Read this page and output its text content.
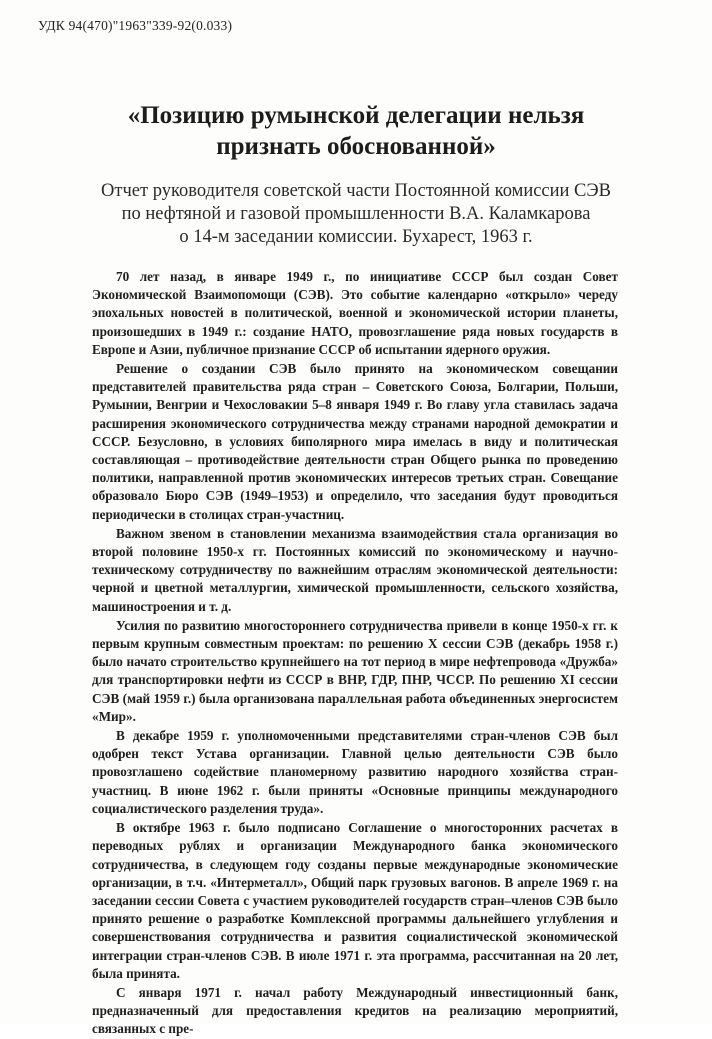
УДК 94(470)"1963"339-92(0.033)
«Позицию румынской делегации нельзя
признать обоснованной»
Отчет руководителя советской части Постоянной комиссии СЭВ
по нефтяной и газовой промышленности В.А. Каламкарова
о 14-м заседании комиссии. Бухарест, 1963 г.

70 лет назад, в январе 1949 г., по инициативе СССР был создан Совет Экономической Взаимопомощи (СЭВ). Это событие календарно «открыло» череду эпохальных новостей в политической, военной и экономической истории планеты, произошедших в 1949 г.: создание НАТО, провозглашение ряда новых государств в Европе и Азии, публичное признание СССР об испытании ядерного оружия.

Решение о создании СЭВ было принято на экономическом совещании представителей правительства ряда стран – Советского Союза, Болгарии, Польши, Румынии, Венгрии и Чехословакии 5–8 января 1949 г. Во главу угла ставилась задача расширения экономического сотрудничества между странами народной демократии и СССР. Безусловно, в условиях биполярного мира имелась в виду и политическая составляющая – противодействие деятельности стран Общего рынка по проведению политики, направленной против экономических интересов третьих стран. Совещание образовало Бюро СЭВ (1949–1953) и определило, что заседания будут проводиться периодически в столицах стран-участниц.

Важном звеном в становлении механизма взаимодействия стала организация во второй половине 1950-х гг. Постоянных комиссий по экономическому и научно-техническому сотрудничеству по важнейшим отраслям экономической деятельности: черной и цветной металлургии, химической промышленности, сельского хозяйства, машиностроения и т. д.

Усилия по развитию многостороннего сотрудничества привели в конце 1950-х гг. к первым крупным совместным проектам: по решению X сессии СЭВ (декабрь 1958 г.) было начато строительство крупнейшего на тот период в мире нефтепровода «Дружба» для транспортировки нефти из СССР в ВНР, ГДР, ПНР, ЧССР. По решению XI сессии СЭВ (май 1959 г.) была организована параллельная работа объединенных энергосистем «Мир».

В декабре 1959 г. уполномоченными представителями стран-членов СЭВ был одобрен текст Устава организации. Главной целью деятельности СЭВ было провозглашено содействие планомерному развитию народного хозяйства стран-участниц. В июне 1962 г. были приняты «Основные принципы международного социалистического разделения труда».

В октябре 1963 г. было подписано Соглашение о многосторонних расчетах в переводных рублях и организации Международного банка экономического сотрудничества, в следующем году созданы первые международные экономические организации, в т.ч. «Интерметалл», Общий парк грузовых вагонов. В апреле 1969 г. на заседании сессии Совета с участием руководителей государств стран–членов СЭВ было принято решение о разработке Комплексной программы дальнейшего углубления и совершенствования сотрудничества и развития социалистической экономической интеграции стран-членов СЭВ. В июле 1971 г. эта программа, рассчитанная на 20 лет, была принята.

С января 1971 г. начал работу Международный инвестиционный банк, предназначенный для предоставления кредитов на реализацию мероприятий, связанных с пре-
